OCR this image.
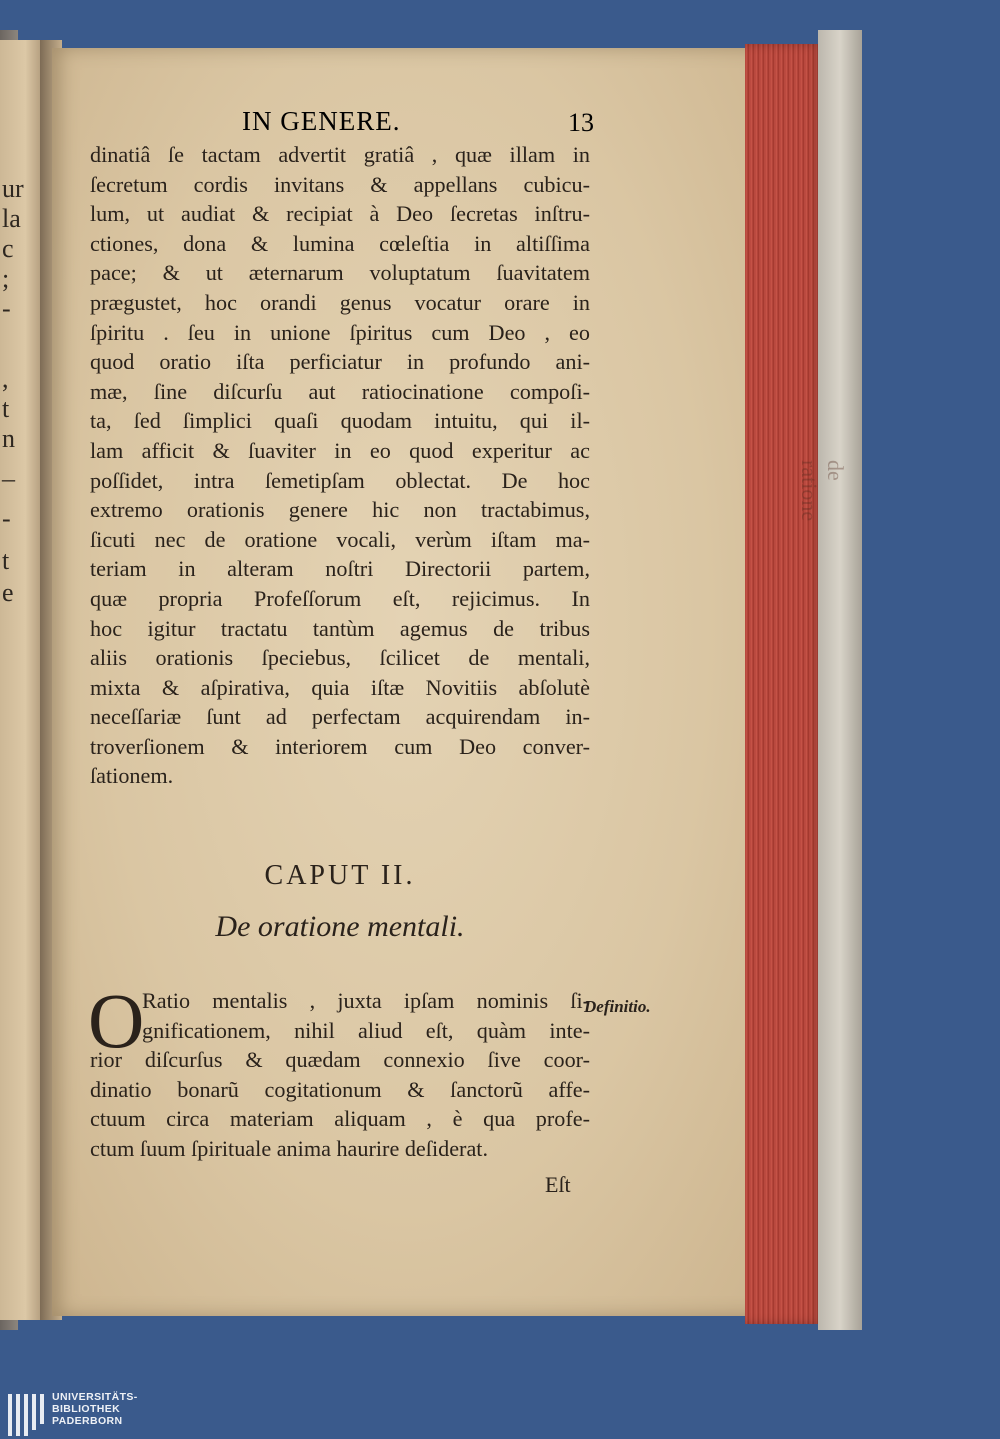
ur
la
c
;
-
,
t
n
–
-
t
e
de ratione
IN GENERE.	13
dinatiâ ſe tactam advertit gratiâ , quæ illam in
ſecretum cordis invitans & appellans cubicu-
lum, ut audiat & recipiat à Deo ſecretas inſtru-
ctiones, dona & lumina cœleſtia in altiſſima
pace; & ut æternarum voluptatum ſuavitatem
prægustet, hoc orandi genus vocatur orare in
ſpiritu . ſeu in unione ſpiritus cum Deo , eo
quod oratio iſta perficiatur in profundo ani-
mæ, ſine diſcurſu aut ratiocinatione compoſi-
ta, ſed ſimplici quaſi quodam intuitu, qui il-
lam afficit & ſuaviter in eo quod experitur ac
poſſidet, intra ſemetipſam oblectat. De hoc
extremo orationis genere hic non tractabimus,
ſicuti nec de oratione vocali, verùm iſtam ma-
teriam in alteram noſtri Directorii partem,
quæ propria Profeſſorum eſt, rejicimus. In
hoc igitur tractatu tantùm agemus de tribus
aliis orationis ſpeciebus, ſcilicet de mentali,
mixta & aſpirativa, quia iſtæ Novitiis abſolutè
neceſſariæ ſunt ad perfectam acquirendam in-
troverſionem & interiorem cum Deo conver-
ſationem.
CAPUT II.
De oratione mentali.
O
Ratio mentalis , juxta ipſam nominis ſi-
gnificationem, nihil aliud eſt, quàm inte-
rior diſcurſus & quædam connexio ſive coor-
dinatio bonarũ cogitationum & ſanctorũ affe-
ctuum circa materiam aliquam , è qua profe-
ctum ſuum ſpirituale anima haurire deſiderat.
Definitio.
Eſt
UNIVERSITÄTS-
BIBLIOTHEK
PADERBORN
